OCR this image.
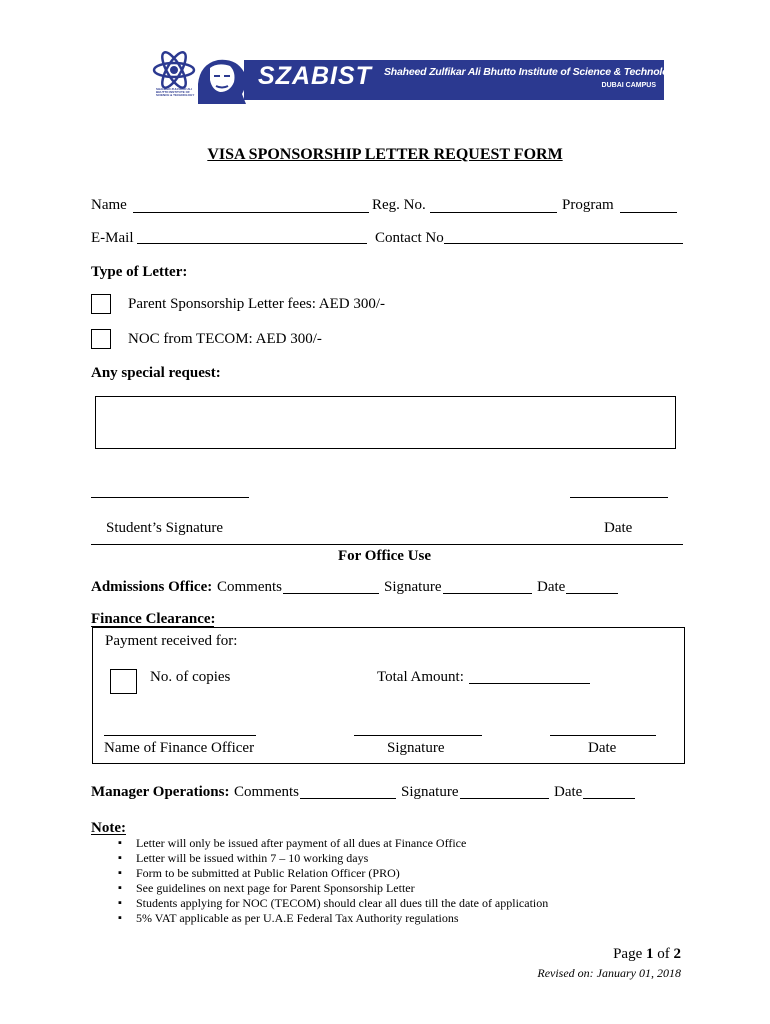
SHAHEED ZULFIKAR ALI BHUTTO INSTITUTE OF SCIENCE & TECHNOLOGY
SZABIST Shaheed Zulfikar Ali Bhutto Institute of Science & Technology
DUBAI CAMPUS
VISA SPONSORSHIP LETTER REQUEST FORM
Name	Reg. No.	Program
E-Mail	Contact No
Type of Letter:
Parent Sponsorship Letter fees: AED 300/-
NOC from TECOM: AED 300/-
Any special request:
Student’s Signature	Date
For Office Use
Admissions Office: Comments	Signature	Date
Finance Clearance:
Payment received for:
No. of copies	Total Amount:
Name of Finance Officer	Signature	Date
Manager Operations: Comments	Signature	Date
Note:
▪ Letter will only be issued after payment of all dues at Finance Office
▪ Letter will be issued within 7 – 10 working days
▪ Form to be submitted at Public Relation Officer (PRO)
▪ See guidelines on next page for Parent Sponsorship Letter
▪ Students applying for NOC (TECOM) should clear all dues till the date of application
▪ 5% VAT applicable as per U.A.E Federal Tax Authority regulations
Page 1 of 2
Revised on: January 01, 2018
